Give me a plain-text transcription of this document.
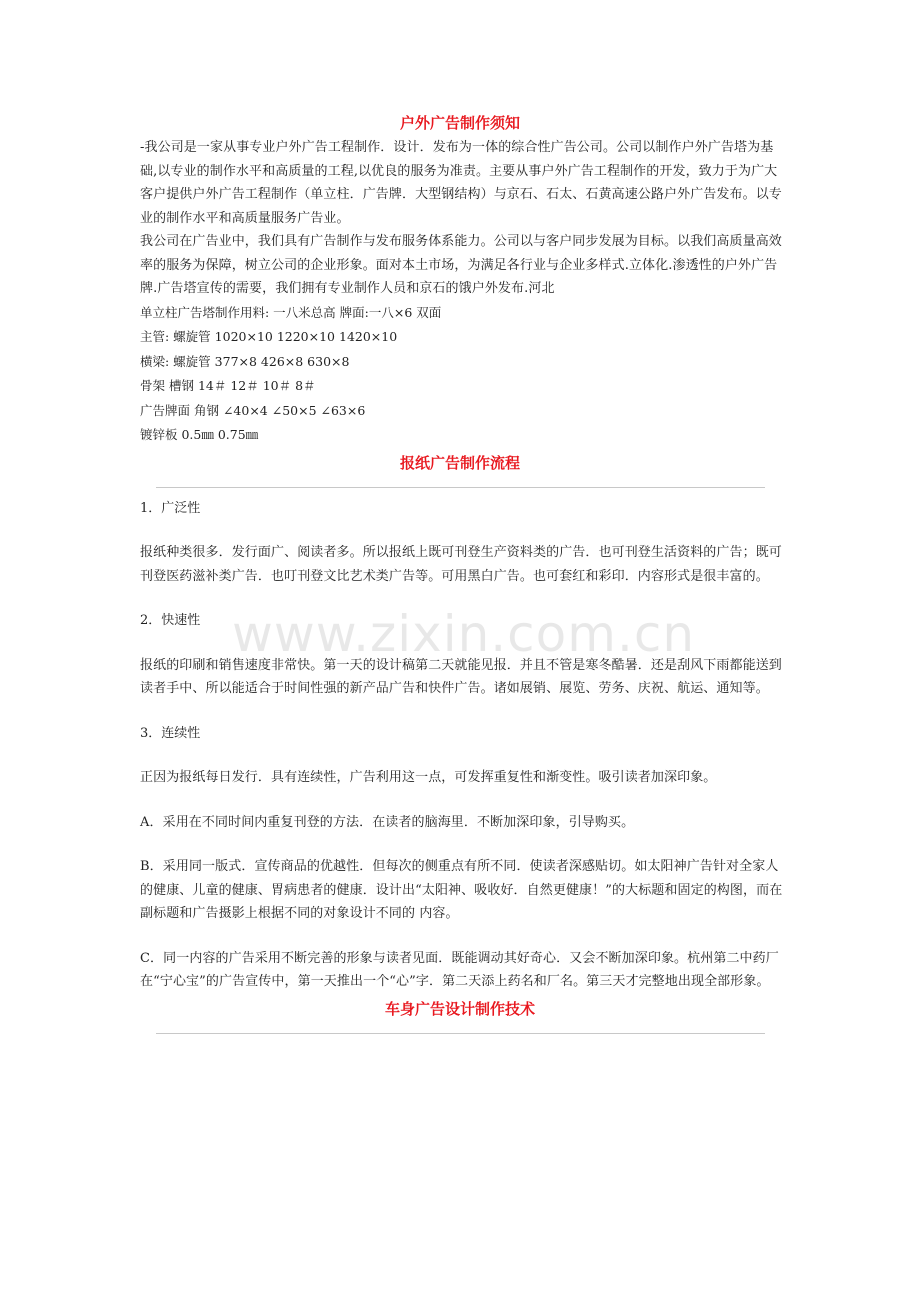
www.zixin.com.cn
户外广告制作须知

-我公司是一家从事专业户外广告工程制作．设计．发布为一体的综合性广告公司。公司以制作户外广告塔为基础,以专业的制作水平和高质量的工程,以优良的服务为准责。主要从事户外广告工程制作的开发，致力于为广大客户提供户外广告工程制作（单立柱．广告牌．大型钢结构）与京石、石太、石黄高速公路户外广告发布。以专业的制作水平和高质量服务广告业。

我公司在广告业中，我们具有广告制作与发布服务体系能力。公司以与客户同步发展为目标。以我们高质量高效率的服务为保障，树立公司的企业形象。面对本土市场，为满足各行业与企业多样式.立体化.渗透性的户外广告牌.广告塔宣传的需要，我们拥有专业制作人员和京石的饿户外发布.河北

单立柱广告塔制作用料: 一八米总高 牌面:一八×6 双面

主管: 螺旋管 1020×10 1220×10 1420×10

横梁: 螺旋管 377×8 426×8 630×8

骨架 槽钢 14＃ 12＃ 10＃ 8＃

广告牌面 角钢 ∠40×4 ∠50×5 ∠63×6

镀锌板 0.5㎜ 0.75㎜

报纸广告制作流程

1．广泛性

报纸种类很多．发行面广、阅读者多。所以报纸上既可刊登生产资料类的广告．也可刊登生活资料的广告；既可刊登医药滋补类广告．也叮刊登文比艺术类广告等。可用黑白广告。也可套红和彩印．内容形式是很丰富的。

2．快速性

报纸的印刷和销售速度非常快。第一天的设计稿第二天就能见报．并且不管是寒冬酷暑．还是刮风下雨都能送到读者手中、所以能适合于时间性强的新产品广告和快件广告。诸如展销、展览、劳务、庆祝、航运、通知等。

3．连续性

正因为报纸每日发行．具有连续性，广告利用这一点，可发挥重复性和渐变性。吸引读者加深印象。

A．采用在不同时间内重复刊登的方法．在读者的脑海里．不断加深印象，引导购买。

B．采用同一版式．宣传商品的优越性．但每次的侧重点有所不同．使读者深感贴切。如太阳神广告针对全家人的健康、儿童的健康、胃病患者的健康．设计出“太阳神、吸收好．自然更健康！”的大标题和固定的构图，而在副标题和广告摄影上根据不同的对象设计不同的 内容。

C．同一内容的广告采用不断完善的形象与读者见面．既能调动其好奇心．又会不断加深印象。杭州第二中药厂在“宁心宝”的广告宣传中，第一天推出一个“心”字．第二天添上药名和厂名。第三天才完整地出现全部形象。

车身广告设计制作技术
